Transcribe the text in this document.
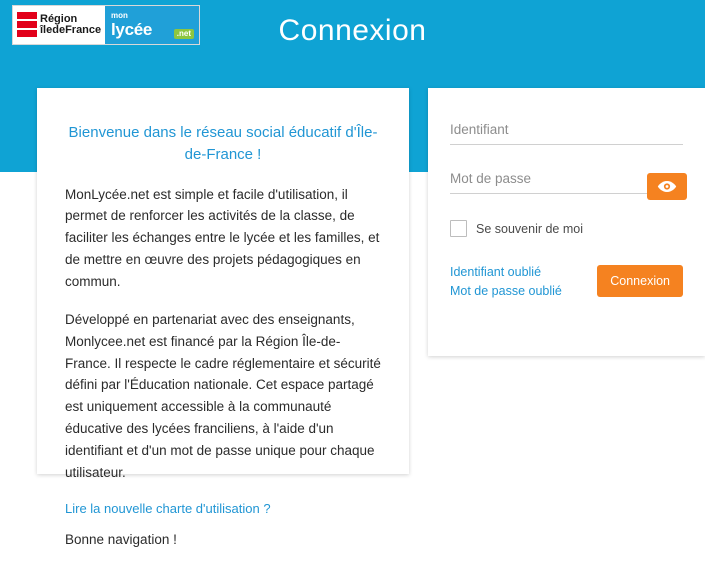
Région
îledeFrance
mon
lycée	.net	Connexion
Bienvenue dans le réseau social éducatif d'Île-de-France !

MonLycée.net est simple et facile d'utilisation, il permet de renforcer les activités de la classe, de faciliter les échanges entre le lycée et les familles, et de mettre en œuvre des projets pédagogiques en commun.

Développé en partenariat avec des enseignants, Monlycee.net est financé par la Région Île-de-France. Il respecte le cadre réglementaire et sécurité défini par l'Éducation nationale. Cet espace partagé est uniquement accessible à la communauté éducative des lycées franciliens, à l'aide d'un identifiant et d'un mot de passe unique pour chaque utilisateur.

Lire la nouvelle charte d'utilisation ?

Bonne navigation !

Identifiant
Se souvenir de moi
Identifiant oublié
Mot de passe oublié
Connexion
